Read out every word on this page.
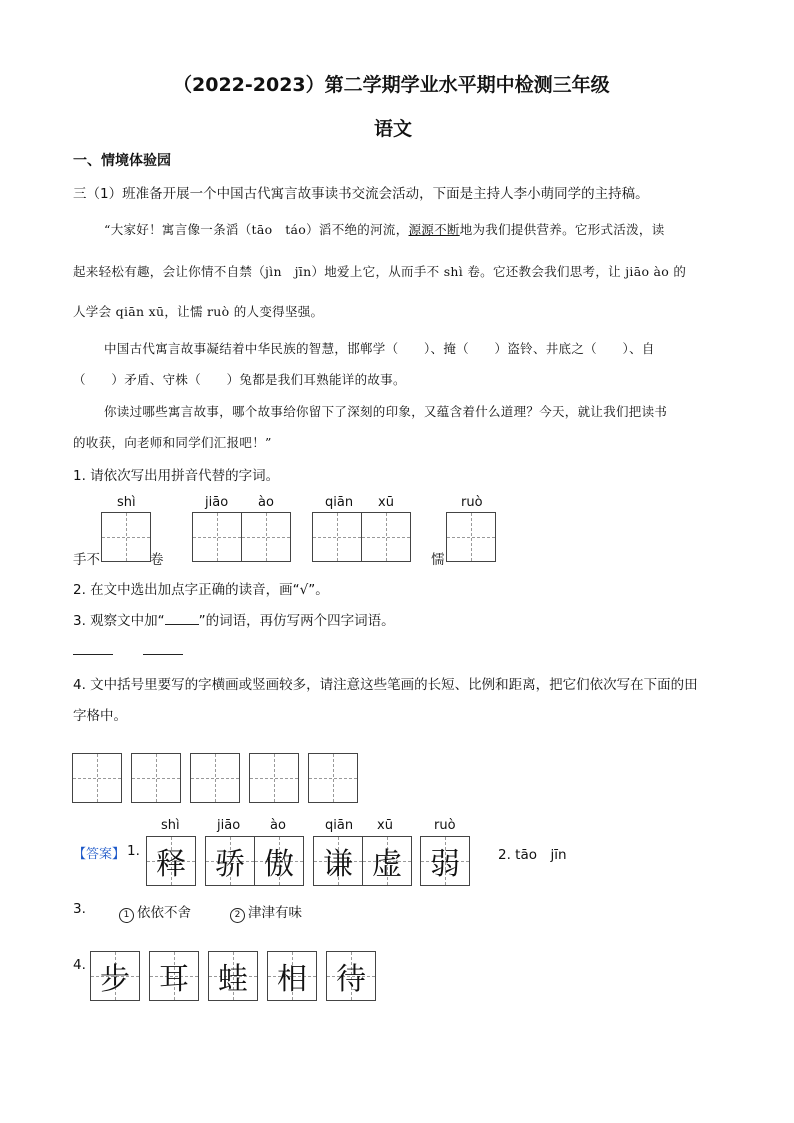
（2022-2023）第二学期学业水平期中检测三年级
语文
一、情境体验园
三（1）班准备开展一个中国古代寓言故事读书交流会活动，下面是主持人李小萌同学的主持稿。
“大家好！寓言像一条滔（tāo　táo）滔不绝的河流，源源不断地为我们提供营养。它形式活泼，读
起来轻松有趣，会让你情不自禁（jìn　jīn）地爱上它，从而手不 shì 卷。它还教会我们思考，让 jiāo ào 的
人学会 qiān xū，让懦 ruò 的人变得坚强。
中国古代寓言故事凝结着中华民族的智慧，邯郸学（　　）、掩（　　）盗铃、井底之（　　）、自
（　　）矛盾、守株（　　）兔都是我们耳熟能详的故事。
你读过哪些寓言故事，哪个故事给你留下了深刻的印象，又蕴含着什么道理？今天，就让我们把读书
的收获，向老师和同学们汇报吧！”
1. 请依次写出用拼音代替的字词。
shì	jiāo ào	qiān xū	ruò
手不	卷	懦
2. 在文中选出加点字正确的读音，画“√”。
3. 观察文中加“	”的词语，再仿写两个四字词语。
4. 文中括号里要写的字横画或竖画较多，请注意这些笔画的长短、比例和距离，把它们依次写在下面的田
字格中。
【答案】 1.
shì	jiāo ào	qiān xū	ruò
释 骄 傲 谦 虚 弱	2. tāo　jīn
3.	1 依依不舍	2 津津有味
4. 步 耳 蛙 相 待
